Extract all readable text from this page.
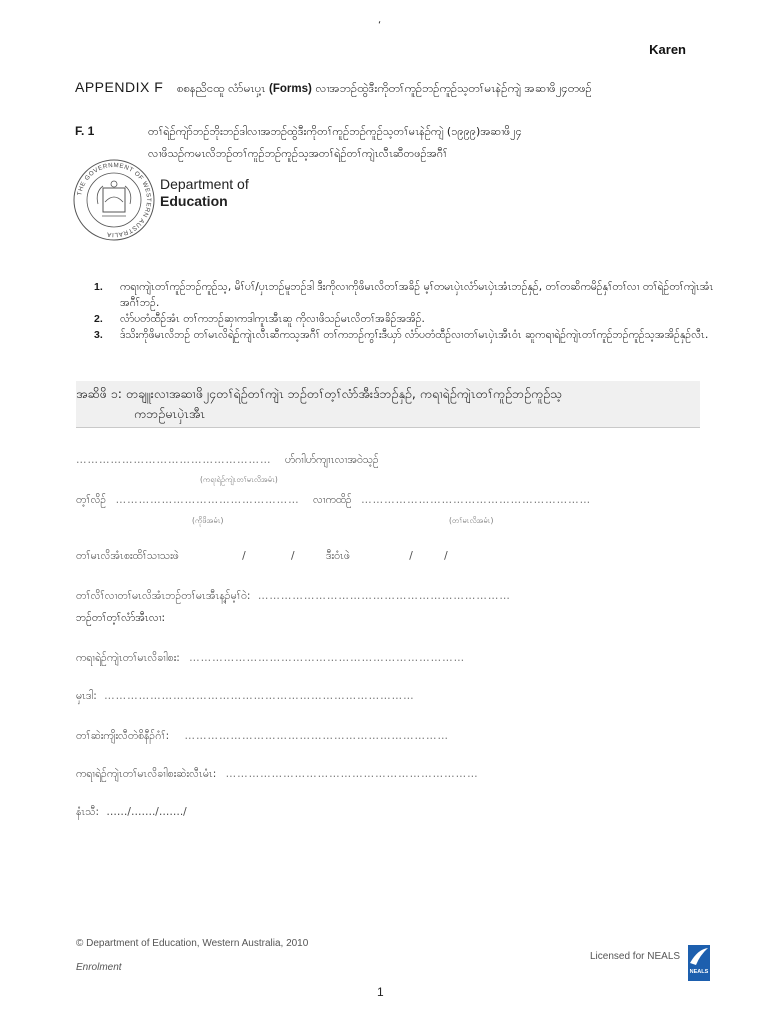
‘
Karen
APPENDIX F စစနညိငထူ လံာ်မၤပှ့ၤ (Forms) လၢအဘဉ်ထွဲဒီးကိုတၢ်ကူဉ်ဘဉ်ကူဉ်သ့တၢ်မၤနဲဉ်ကျဲ အဆၢဖိ၂၄တဖဉ်
F. 1	တၢ်ရဲဉ်ကျဲာ်ဘဉ်ဘိုးဘဉ်ဒါလၢအဘဉ်ထွဲဒီးကိုတၢ်ကူဉ်ဘဉ်ကူဉ်သ့တၢ်မၤနဲဉ်ကျဲ (၁၉၉၉)အဆၢဖိ၂၄
လၢဖိသဉ်ကမၤလိဘဉ်တၢ်ကူဉ်ဘဉ်ကူဉ်သ့အတၢ်ရဲဉ်တၢ်ကျဲၤလီၤဆီတဖဉ်အဂီၢ်
THE GOVERNMENT OF WESTERN AUSTRALIA
Department of
Education
1.	ကရၢကျဲၤတၢ်ကူဉ်ဘဉ်ကူဉ်သ့, မိၢ်ပၢ်/ပှၤဘဉ်မူဘဉ်ဒါ ဒီးကိုလၢကိုဖိမၤလိတၢ်အခိဉ် မ့ၢ်တမၤပှဲၤလံာ်မၤပှဲၤအံၤဘဉ်နှဉ်, တၢ်တဆိကမိဉ်နှၢ်တၢ်လၢ တၢ်ရဲဉ်တၢ်ကျဲၤအံၤအဂီၢ်ဘဉ်.
2.	လံာ်ပတံထီဉ်အံၤ တၢ်ကဘဉ်ဆှၢကဒါကူၤအီၤဆူ ကိုလၢဖိသဉ်မၤလိတၢ်အခိဉ်အအိဉ်.
3.	ဒ်သိးကိုဖိမၤလိဘဉ် တၢ်မၤလိရဲဉ်ကျဲၤလီၤဆီကသ့အဂီၢ် တၢ်ကဘဉ်ကွၢ်းဒီယှာ် လံာ်ပတံထီဉ်လၢတၢ်မၤပှဲၤအီၤဝံၤ ဆူကရၢရဲဉ်ကျဲၤတၢ်ကူဉ်ဘဉ်ကူဉ်သ့အအိဉ်နှဉ်လီၤ.
အဆိဖိ ၁: တချူးလၢအဆၢဖိ၂၄တၢ်ရဲဉ်တၢ်ကျဲၤ ဘဉ်တၢ်တ့ၢ်လံာ်အီးဒ်ဘဉ်နှဉ်, ကရၢရဲဉ်ကျဲၤတၢ်ကူဉ်ဘဉ်ကူဉ်သ့
ကဘဉ်မၤပှဲၤအီၤ
…………………………………………… ပာ်ဂၢါပာ်ကျၢၤလၢအဝဲသ့ဉ်
(ကရၢရဲဉ်ကျဲၤတၢ်မၤလိအမံၤ)
တ့ၢ်လိဉ် ………………………………………… လၢကထိဉ် ……………………………………………………
(ကိုဖိအမံၤ)	(တၢ်မၤလိအမံၤ)
တၢ်မၤလိအံၤစးထိၢ်သၢသးဖဲ	/	/	ဒီးဝံၤဖဲ	/	/
တၢ်လိၢ်လၢတၢ်မၤလိအံၤဘဉ်တၢ်မၤအီၤန့ၣ်မ့ၢ်ဝဲ: …………………………………………………………
ဘဉ်တၢ်တ့ၢ်လံာ်အီၤလၢ:
ကရၢရဲဉ်ကျဲၤတၢ်မၤလိခၢါစး: ………………………………………………………………
မှၤဒါ: ………………………………………………………………………
တၢ်ဆဲးကျိးလီတဲစိနီၣ်ဂံၢ်: ……………………………………………………………
ကရၢရဲဉ်ကျဲၤတၢ်မၤလိခၢါစးဆဲးလီၤမံၤ: …………………………………………………………
နံၤသီ: ……/……./……./
© Department of Education, Western Australia, 2010
Enrolment
Licensed for NEALS
NEALS
1
